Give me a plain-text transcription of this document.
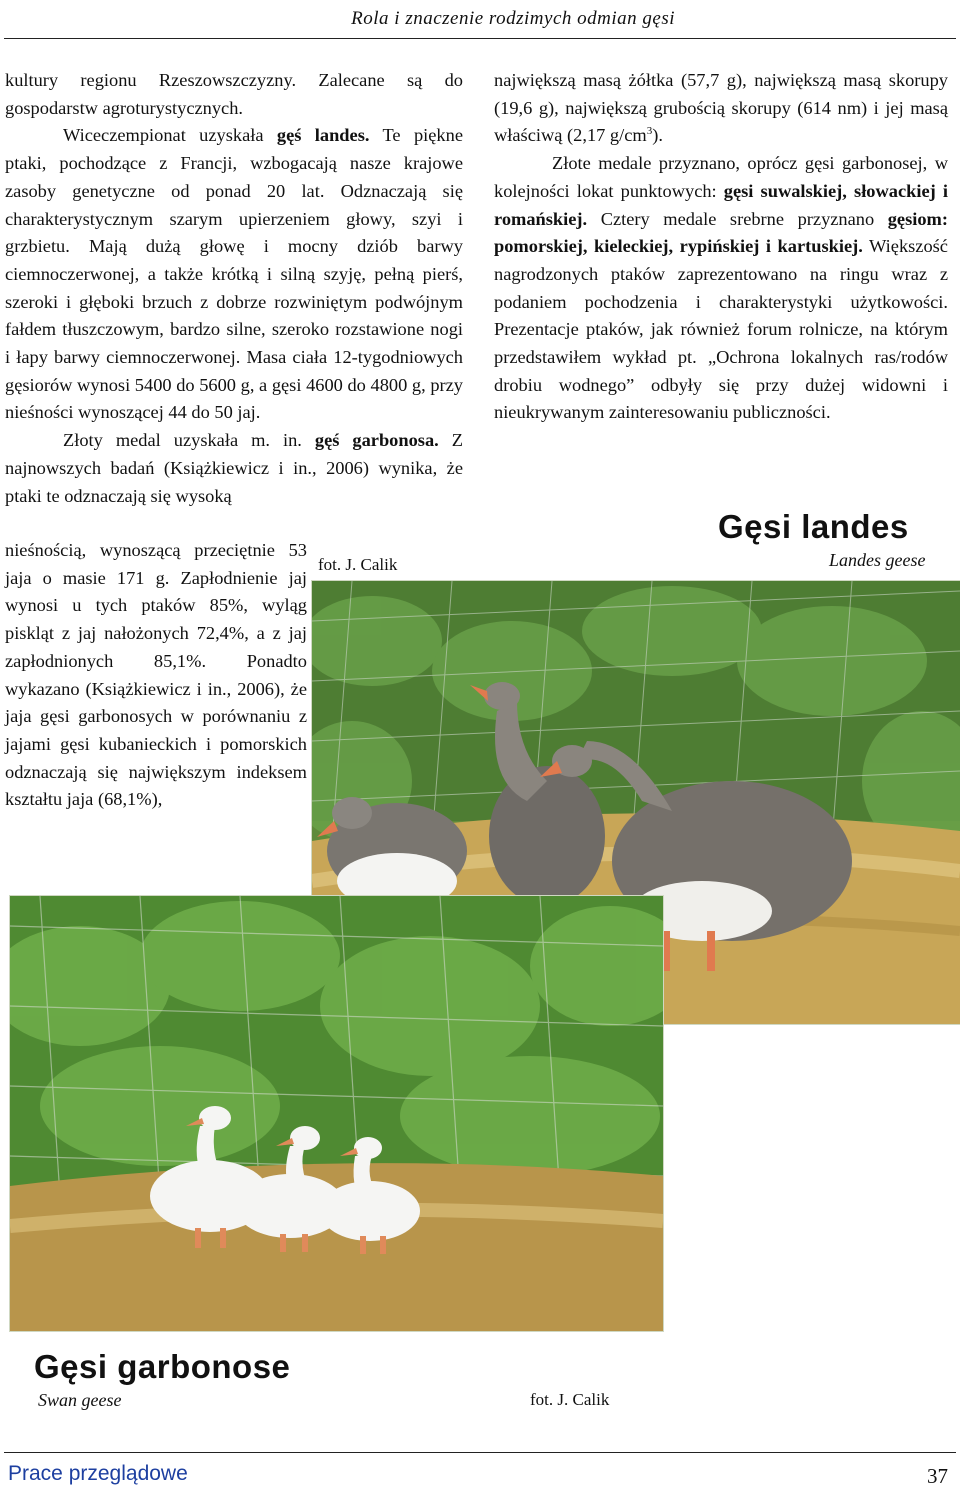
Rola i znaczenie rodzimych odmian gęsi

kultury regionu Rzeszowszczyzny. Zalecane są do gospodarstw agroturystycznych.

Wiceczempionat uzyskała gęś landes. Te piękne ptaki, pochodzące z Francji, wzbogacają nasze krajowe zasoby genetyczne od ponad 20 lat. Odznaczają się charakterystycznym szarym upierzeniem głowy, szyi i grzbietu. Mają dużą głowę i mocny dziób barwy ciemnoczerwonej, a także krótką i silną szyję, pełną pierś, szeroki i głęboki brzuch z dobrze rozwiniętym podwójnym fałdem tłuszczowym, bardzo silne, szeroko rozstawione nogi i łapy barwy ciemnoczerwonej. Masa ciała 12-tygodniowych gęsiorów wynosi 5400 do 5600 g, a gęsi 4600 do 4800 g, przy nieśności wynoszącej 44 do 50 jaj.

Złoty medal uzyskała m. in. gęś garbonosa. Z najnowszych badań (Książkiewicz i in., 2006) wynika, że ptaki te odznaczają się wysoką

nieśnością, wynoszącą przeciętnie 53 jaja o masie 171 g. Zapłodnienie jaj wynosi u tych ptaków 85%, wyląg piskląt z jaj nałożonych 72,4%, a z jaj zapłodnionych 85,1%. Ponadto wykazano (Książkiewicz i in., 2006), że jaja gęsi garbonosych w porównaniu z jajami gęsi kubanieckich i pomorskich odznaczają się największym indeksem kształtu jaja (68,1%),

największą masą żółtka (57,7 g), największą masą skorupy (19,6 g), największą grubością skorupy (614 nm) i jej masą właściwą (2,17 $g/cm^3$).

Złote medale przyznano, oprócz gęsi garbonosej, w kolejności lokat punktowych: gęsi suwalskiej, słowackiej i romańskiej. Cztery medale srebrne przyznano gęsiom: pomorskiej, kieleckiej, rypińskiej i kartuskiej. Większość nagrodzonych ptaków zaprezentowano na ringu wraz z podaniem pochodzenia i charakterystyki użytkowości. Prezentacje ptaków, jak również forum rolnicze, na którym przedstawiłem wykład pt. „Ochrona lokalnych ras/rodów drobiu wodnego” odbyły się przy dużej widowni i nieukrywanym zainteresowaniu publiczności.

Gęsi landes
Landes geese
fot. J. Calik
Gęsi garbonose
Swan geese	fot. J. Calik
Prace przeglądowe	37
